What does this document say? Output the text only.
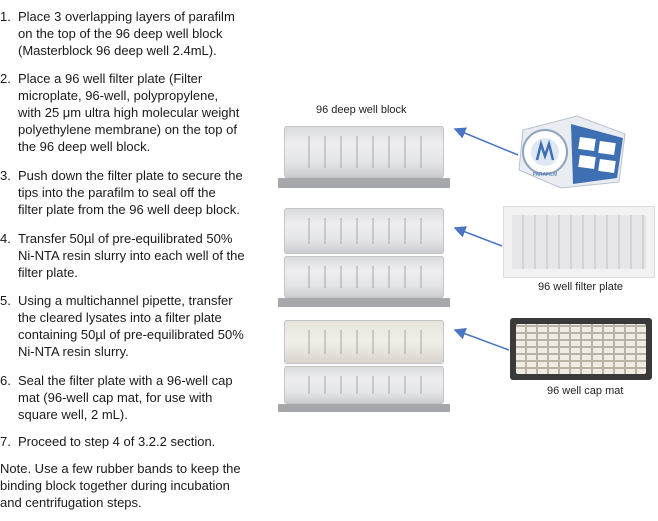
1. Place 3 overlapping layers of parafilm
on the top of the 96 deep well block
(Masterblock 96 deep well 2.4mL).
2. Place a 96 well filter plate (Filter
microplate, 96-well, polypropylene,
with 25 μm ultra high molecular weight
polyethylene membrane) on the top of
the 96 deep well block.
3. Push down the filter plate to secure the
tips into the parafilm to seal off the
filter plate from the 96 well deep block.
4. Transfer 50µl of pre-equilibrated 50%
Ni-NTA resin slurry into each well of the
filter plate.
5. Using a multichannel pipette, transfer
the cleared lysates into a filter plate
containing 50µl of pre-equilibrated 50%
Ni-NTA resin slurry.
6. Seal the filter plate with a 96-well cap
mat (96-well cap mat, for use with
square well, 2 mL).
7. Proceed to step 4 of 3.2.2 section.
Note. Use a few rubber bands to keep the
binding block together during incubation
and centrifugation steps.
96 deep well block
96 well filter plate
96 well cap mat
PARAFILM
